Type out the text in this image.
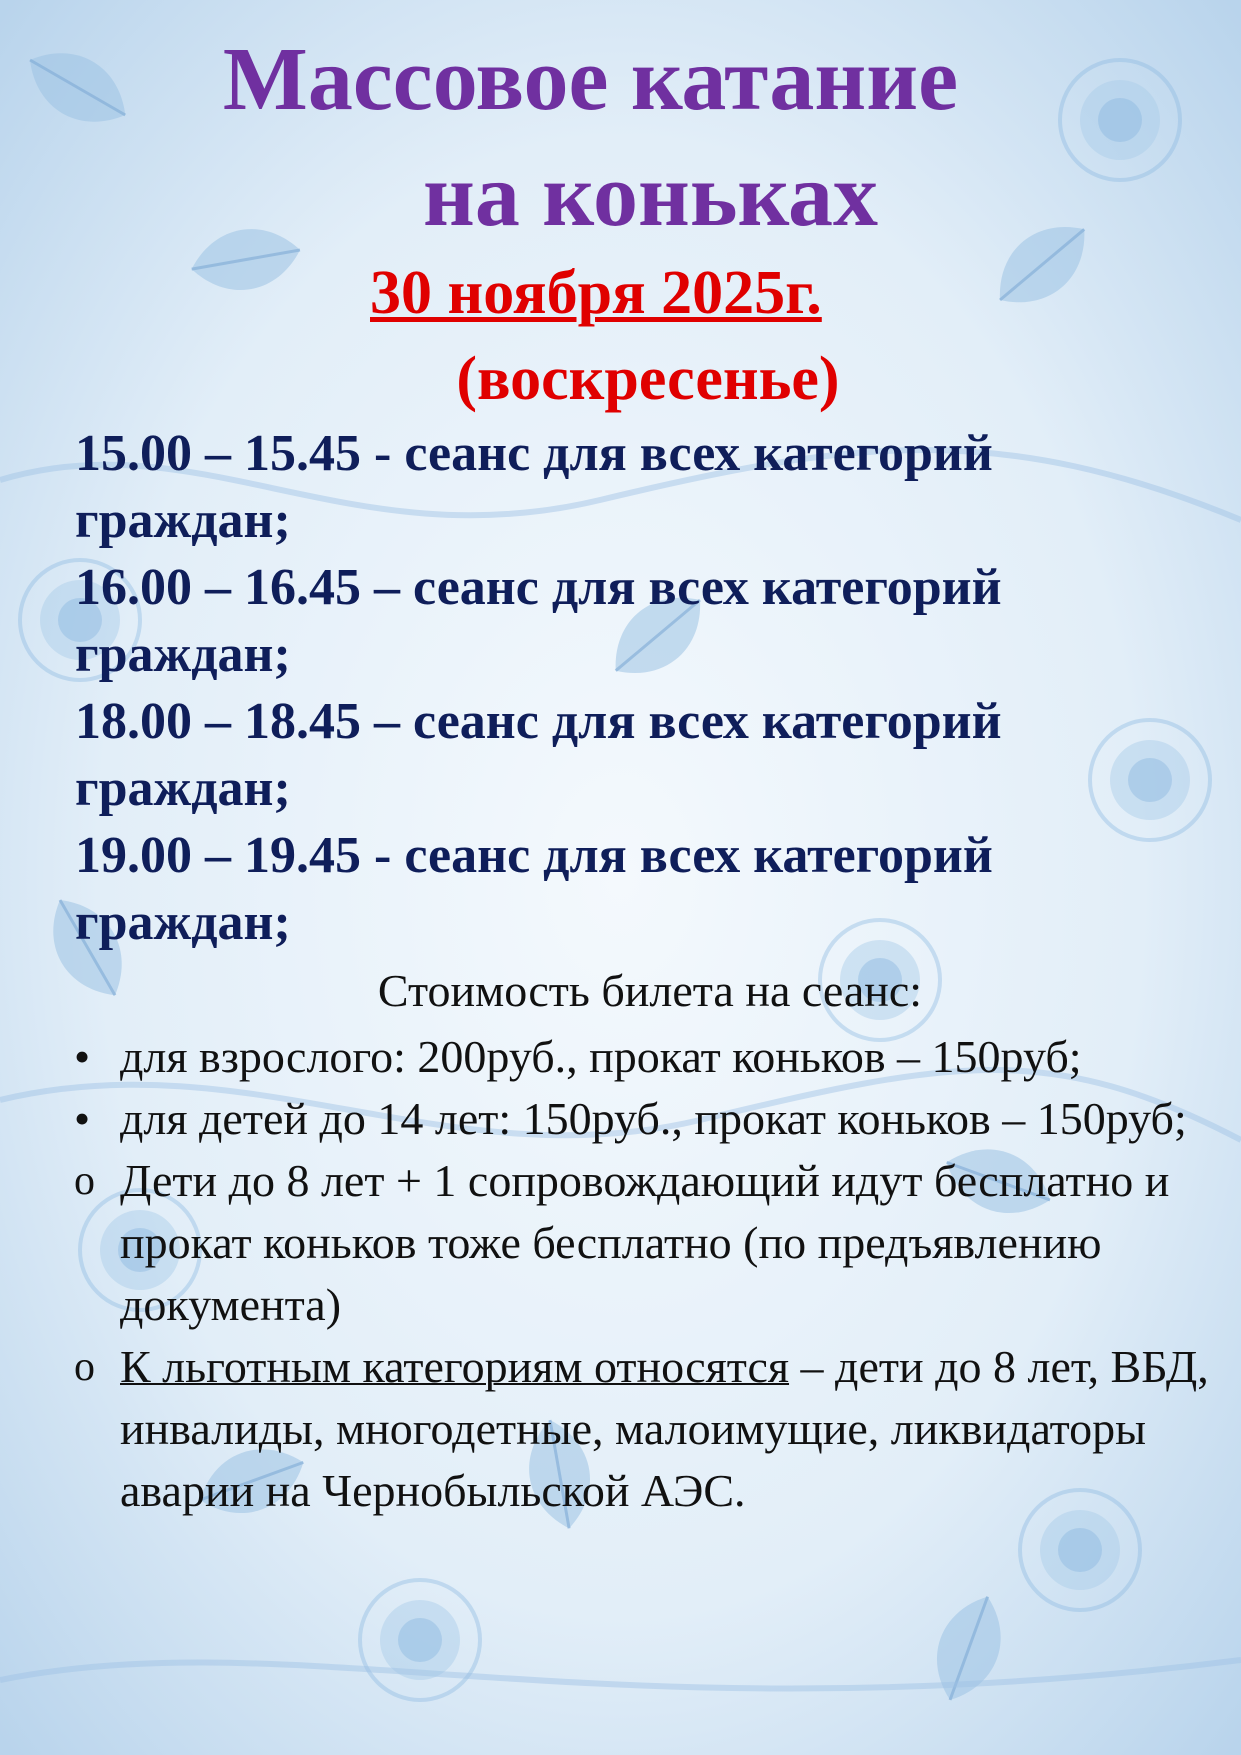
Массовое катание
на коньках
30 ноября 2025г.
(воскресенье)

15.00 – 15.45 - сеанс для всех категорий граждан;

16.00 – 16.45 – сеанс для всех категорий граждан;

18.00 – 18.45 – сеанс для всех категорий граждан;

19.00 – 19.45 - сеанс для всех категорий граждан;

Стоимость билета на сеанс:
•
для взрослого: 200руб., прокат коньков – 150руб;
•
для детей до 14 лет: 150руб., прокат коньков – 150руб;
o
Дети до 8 лет + 1 сопровождающий идут бесплатно и прокат коньков тоже бесплатно (по предъявлению документа)
o
К льготным категориям относятся – дети до 8 лет, ВБД, инвалиды, многодетные, малоимущие, ликвидаторы аварии на Чернобыльской АЭС.
